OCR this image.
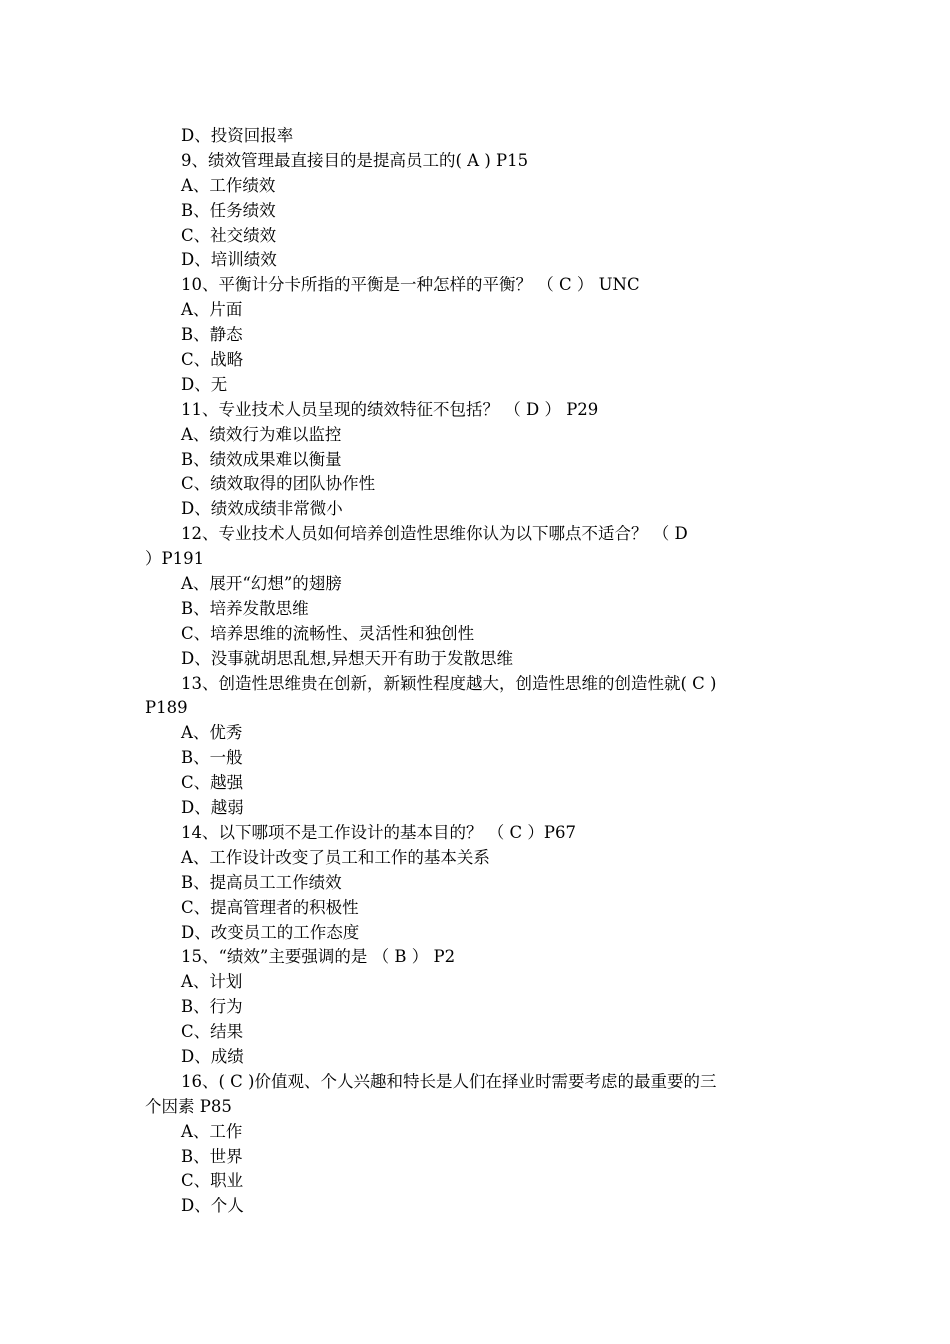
D、投资回报率
9、绩效管理最直接目的是提高员工的( A ) P15
A、工作绩效
B、任务绩效
C、社交绩效
D、培训绩效
10、平衡计分卡所指的平衡是一种怎样的平衡？ （ C ） UNC
A、片面
B、静态
C、战略
D、无
11、专业技术人员呈现的绩效特征不包括？ （ D ） P29
A、绩效行为难以监控
B、绩效成果难以衡量
C、绩效取得的团队协作性
D、绩效成绩非常微小
12、专业技术人员如何培养创造性思维你认为以下哪点不适合？ （ D
）P191
A、展开“幻想”的翅膀
B、培养发散思维
C、培养思维的流畅性、灵活性和独创性
D、没事就胡思乱想,异想天开有助于发散思维
13、创造性思维贵在创新，新颖性程度越大，创造性思维的创造性就( C )
P189
A、优秀
B、一般
C、越强
D、越弱
14、以下哪项不是工作设计的基本目的？ （ C ）P67
A、工作设计改变了员工和工作的基本关系
B、提高员工工作绩效
C、提高管理者的积极性
D、改变员工的工作态度
15、“绩效”主要强调的是 （ B ） P2
A、计划
B、行为
C、结果
D、成绩
16、( C )价值观、个人兴趣和特长是人们在择业时需要考虑的最重要的三
个因素 P85
A、工作
B、世界
C、职业
D、个人
